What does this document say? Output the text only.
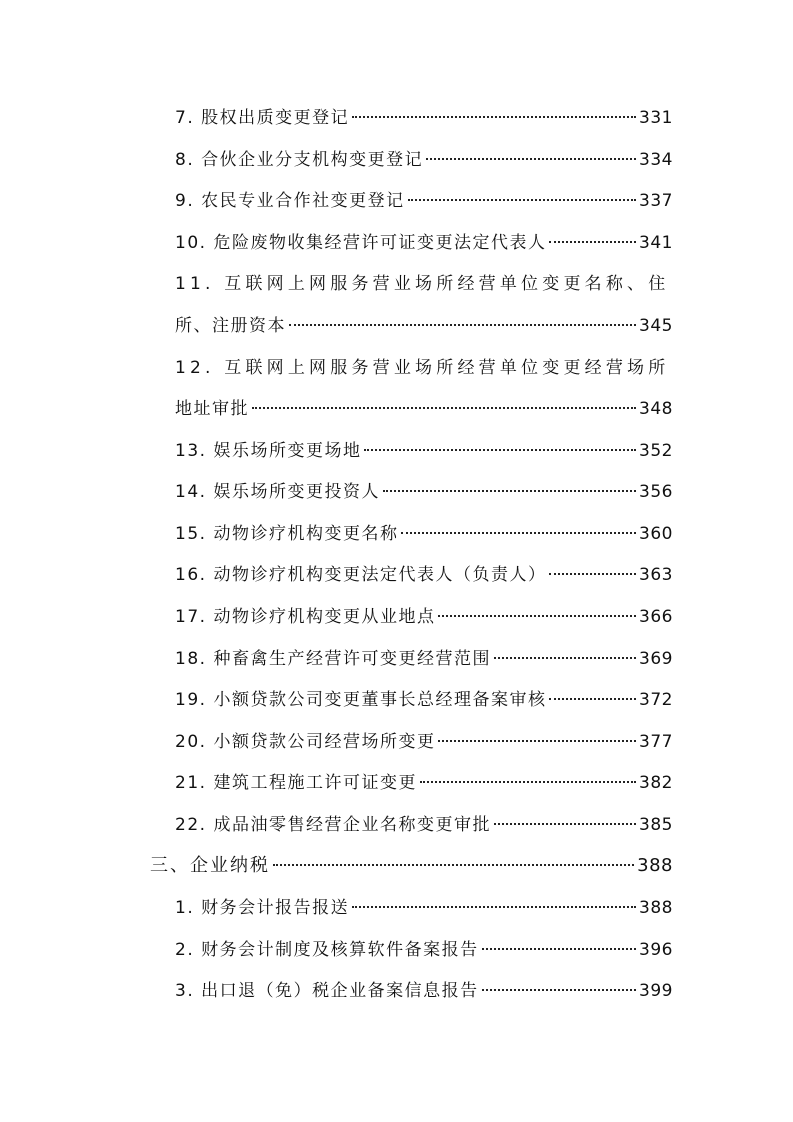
7. 股权出质变更登记	331
8. 合伙企业分支机构变更登记	334
9. 农民专业合作社变更登记	337
10. 危险废物收集经营许可证变更法定代表人	341
11. 互联网上网服务营业场所经营单位变更名称、住
所、注册资本	345
12. 互联网上网服务营业场所经营单位变更经营场所
地址审批	348
13. 娱乐场所变更场地	352
14. 娱乐场所变更投资人	356
15. 动物诊疗机构变更名称	360
16. 动物诊疗机构变更法定代表人（负责人）	363
17. 动物诊疗机构变更从业地点	366
18. 种畜禽生产经营许可变更经营范围	369
19. 小额贷款公司变更董事长总经理备案审核	372
20. 小额贷款公司经营场所变更	377
21. 建筑工程施工许可证变更	382
22. 成品油零售经营企业名称变更审批	385
三、企业纳税	388
1. 财务会计报告报送	388
2. 财务会计制度及核算软件备案报告	396
3. 出口退（免）税企业备案信息报告	399
